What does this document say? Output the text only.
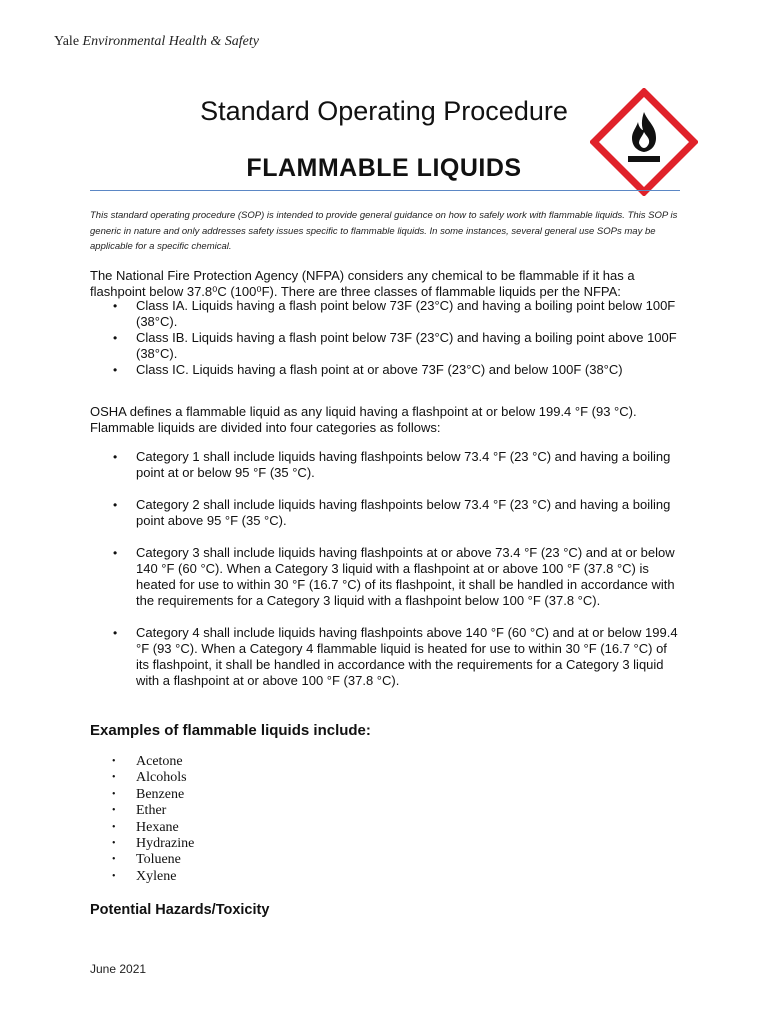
Yale Environmental Health & Safety
Standard Operating Procedure
FLAMMABLE LIQUIDS
This standard operating procedure (SOP) is intended to provide general guidance on how to safely work with flammable liquids. This SOP is generic in nature and only addresses safety issues specific to flammable liquids. In some instances, several general use SOPs may be applicable for a specific chemical.
The National Fire Protection Agency (NFPA) considers any chemical to be flammable if it has a flashpoint below 37.8⁰C (100⁰F). There are three classes of flammable liquids per the NFPA:
• Class IA. Liquids having a flash point below 73F (23°C) and having a boiling point below 100F (38°C).
• Class IB. Liquids having a flash point below 73F (23°C) and having a boiling point above 100F (38°C).
• Class IC. Liquids having a flash point at or above 73F (23°C) and below 100F (38°C)
OSHA defines a flammable liquid as any liquid having a flashpoint at or below 199.4 °F (93 °C). Flammable liquids are divided into four categories as follows:
• Category 1 shall include liquids having flashpoints below 73.4 °F (23 °C) and having a boiling point at or below 95 °F (35 °C).
• Category 2 shall include liquids having flashpoints below 73.4 °F (23 °C) and having a boiling point above 95 °F (35 °C).
• Category 3 shall include liquids having flashpoints at or above 73.4 °F (23 °C) and at or below 140 °F (60 °C). When a Category 3 liquid with a flashpoint at or above 100 °F (37.8 °C) is heated for use to within 30 °F (16.7 °C) of its flashpoint, it shall be handled in accordance with the requirements for a Category 3 liquid with a flashpoint below 100 °F (37.8 °C).
• Category 4 shall include liquids having flashpoints above 140 °F (60 °C) and at or below 199.4 °F (93 °C). When a Category 4 flammable liquid is heated for use to within 30 °F (16.7 °C) of its flashpoint, it shall be handled in accordance with the requirements for a Category 3 liquid with a flashpoint at or above 100 °F (37.8 °C).
Examples of flammable liquids include:
• Acetone
• Alcohols
• Benzene
• Ether
• Hexane
• Hydrazine
• Toluene
• Xylene
Potential Hazards/Toxicity
June 2021
